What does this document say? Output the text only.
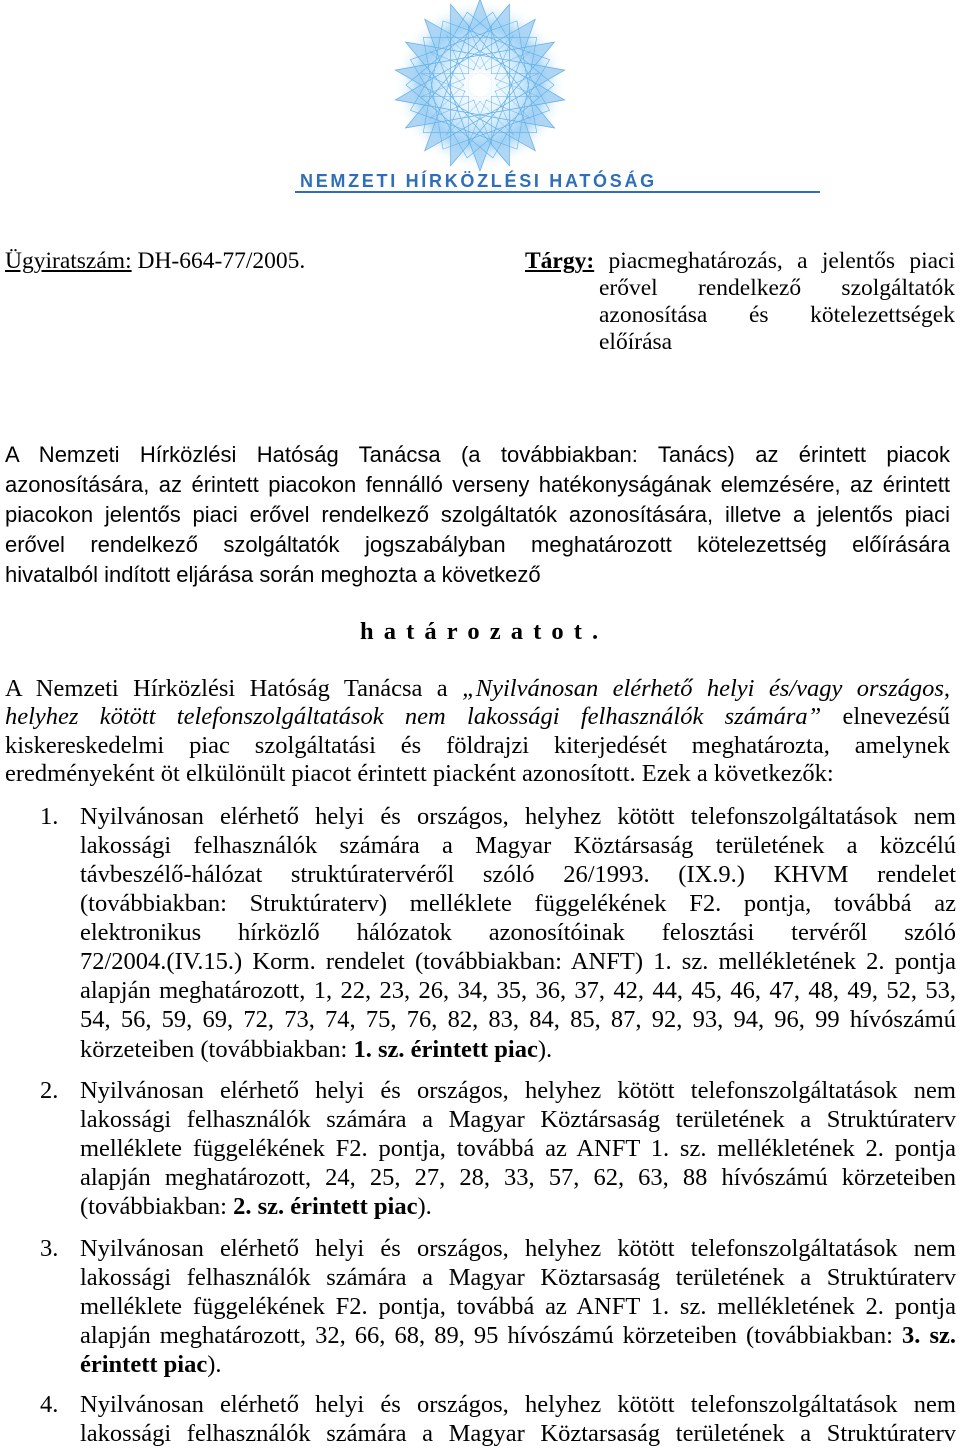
NEMZETI HÍRKÖZLÉSI HATÓSÁG
Ügyiratszám: DH-664-77/2005.	Tárgy: piacmeghatározás, a jelentős piaci
erővel rendelkező szolgáltatók
azonosítása és kötelezettségek
előírása
A Nemzeti Hírközlési Hatóság Tanácsa (a továbbiakban: Tanács) az érintett piacok
azonosítására, az érintett piacokon fennálló verseny hatékonyságának elemzésére, az érintett
piacokon jelentős piaci erővel rendelkező szolgáltatók azonosítására, illetve a jelentős piaci
erővel rendelkező szolgáltatók jogszabályban meghatározott kötelezettség előírására
hivatalból indított eljárása során meghozta a következő
h a t á r o z a t o t .
A Nemzeti Hírközlési Hatóság Tanácsa a „Nyilvánosan elérhető helyi és/vagy országos,
helyhez kötött telefonszolgáltatások nem lakossági felhasználók számára” elnevezésű
kiskereskedelmi piac szolgáltatási és földrajzi kiterjedését meghatározta, amelynek
eredményeként öt elkülönült piacot érintett piacként azonosított. Ezek a következők:
1. Nyilvánosan elérhető helyi és országos, helyhez kötött telefonszolgáltatások nem
lakossági felhasználók számára a Magyar Köztársaság területének a közcélú
távbeszélő-hálózat struktúratervéről szóló 26/1993. (IX.9.) KHVM rendelet
(továbbiakban: Struktúraterv) melléklete függelékének F2. pontja, továbbá az
elektronikus hírközlő hálózatok azonosítóinak felosztási tervéről szóló
72/2004.(IV.15.) Korm. rendelet (továbbiakban: ANFT) 1. sz. mellékletének 2. pontja
alapján meghatározott, 1, 22, 23, 26, 34, 35, 36, 37, 42, 44, 45, 46, 47, 48, 49, 52, 53,
54, 56, 59, 69, 72, 73, 74, 75, 76, 82, 83, 84, 85, 87, 92, 93, 94, 96, 99 hívószámú
körzeteiben (továbbiakban: 1. sz. érintett piac).
2. Nyilvánosan elérhető helyi és országos, helyhez kötött telefonszolgáltatások nem
lakossági felhasználók számára a Magyar Köztársaság területének a Struktúraterv
melléklete függelékének F2. pontja, továbbá az ANFT 1. sz. mellékletének 2. pontja
alapján meghatározott, 24, 25, 27, 28, 33, 57, 62, 63, 88 hívószámú körzeteiben
(továbbiakban: 2. sz. érintett piac).
3. Nyilvánosan elérhető helyi és országos, helyhez kötött telefonszolgáltatások nem
lakossági felhasználók számára a Magyar Köztarsaság területének a Struktúraterv
melléklete függelékének F2. pontja, továbbá az ANFT 1. sz. mellékletének 2. pontja
alapján meghatározott, 32, 66, 68, 89, 95 hívószámú körzeteiben (továbbiakban: 3. sz.
érintett piac).
4. Nyilvánosan elérhető helyi és országos, helyhez kötött telefonszolgáltatások nem
lakossági felhasználók számára a Magyar Köztarsaság területének a Struktúraterv
